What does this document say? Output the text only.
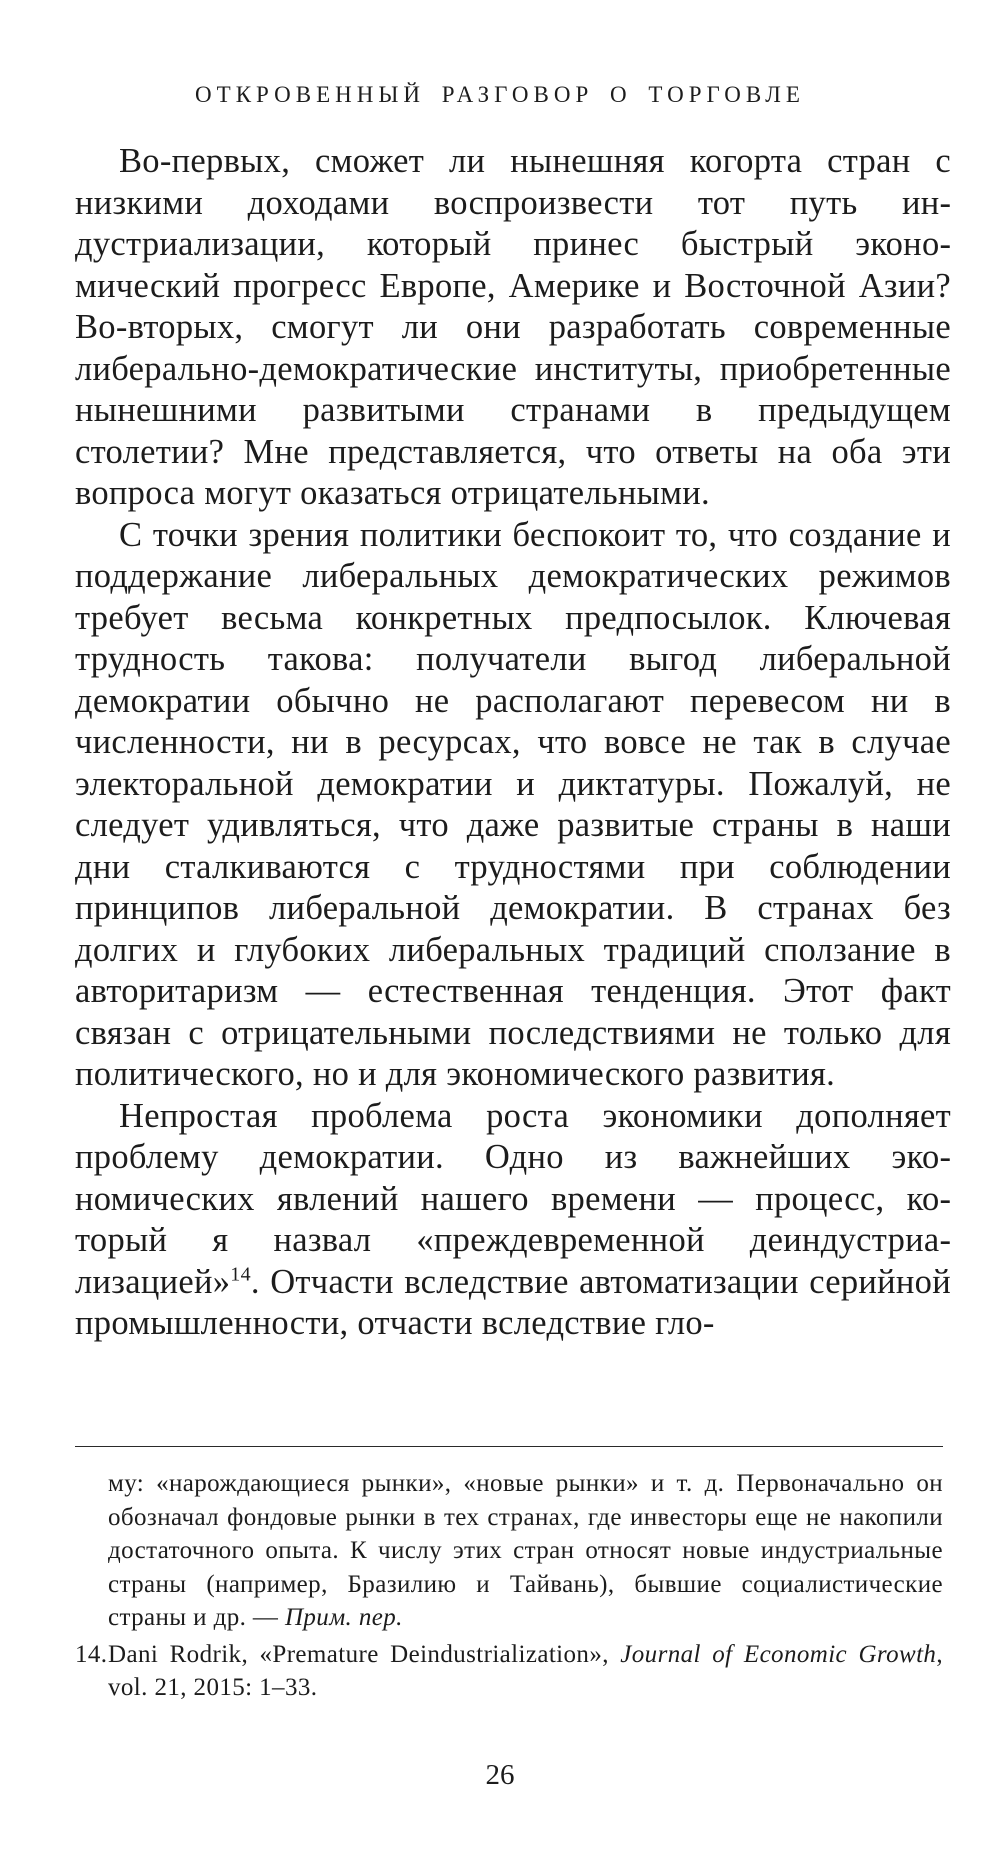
ОТКРОВЕННЫЙ РАЗГОВОР О ТОРГОВЛЕ

Во-первых, сможет ли нынешняя когорта стран с низкими доходами воспроизвести тот путь индустриализации, который принес быстрый экономический прогресс Европе, Америке и Восточной Азии? Во-вторых, смогут ли они разработать современные либерально-демократические институты, приобретенные нынешними развитыми странами в предыдущем столетии? Мне представляется, что ответы на оба эти вопроса могут оказаться отрицательными.

С точки зрения политики беспокоит то, что создание и поддержание либеральных демократических режимов требует весьма конкретных предпосылок. Ключевая трудность такова: получатели выгод либеральной демократии обычно не располагают перевесом ни в численности, ни в ресурсах, что вовсе не так в случае электоральной демократии и диктатуры. Пожалуй, не следует удивляться, что даже развитые страны в наши дни сталкиваются с трудностями при соблюдении принципов либеральной демократии. В странах без долгих и глубоких либеральных традиций сползание в авторитаризм — естественная тенденция. Этот факт связан с отрицательными последствиями не только для политического, но и для экономического развития.

Непростая проблема роста экономики дополняет проблему демократии. Одно из важнейших экономических явлений нашего времени — процесс, который я назвал «преждевременной деиндустриализацией»$^{14}$. Отчасти вследствие автоматизации серийной промышленности, отчасти вследствие гло-

му: «нарождающиеся рынки», «новые рынки» и т. д. Первоначально он обозначал фондовые рынки в тех странах, где инвесторы еще не накопили достаточного опыта. К числу этих стран относят новые индустриальные страны (например, Бразилию и Тайвань), бывшие социалистические страны и др. — Прим. пер.

14. Dani Rodrik, «Premature Deindustrialization», Journal of Economic Growth, vol. 21, 2015: 1–33.
26
